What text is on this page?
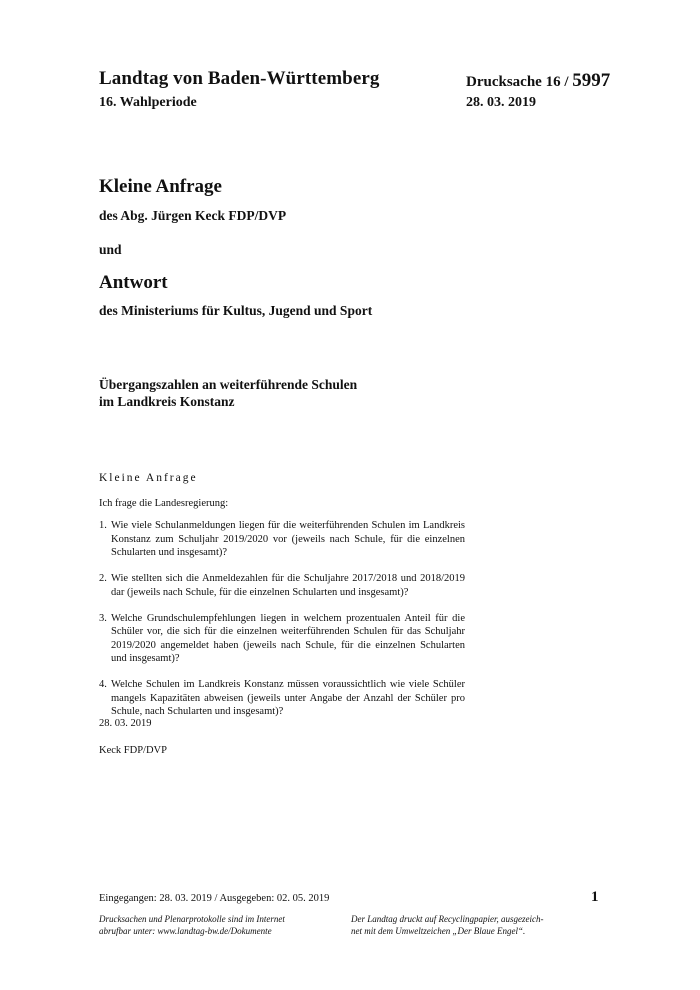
Landtag von Baden-Württemberg	Drucksache 16 / 5997
16. Wahlperiode	28. 03. 2019
Kleine Anfrage
des Abg. Jürgen Keck FDP/DVP
und
Antwort
des Ministeriums für Kultus, Jugend und Sport
Übergangszahlen an weiterführende Schulen
im Landkreis Konstanz
Kleine Anfrage
Ich frage die Landesregierung:
1. Wie viele Schulanmeldungen liegen für die weiterführenden Schulen im Landkreis Konstanz zum Schuljahr 2019/2020 vor (jeweils nach Schule, für die einzelnen Schularten und insgesamt)?
2. Wie stellten sich die Anmeldezahlen für die Schuljahre 2017/2018 und 2018/2019 dar (jeweils nach Schule, für die einzelnen Schularten und insgesamt)?
3. Welche Grundschulempfehlungen liegen in welchem prozentualen Anteil für die Schüler vor, die sich für die einzelnen weiterführenden Schulen für das Schuljahr 2019/2020 angemeldet haben (jeweils nach Schule, für die einzelnen Schularten und insgesamt)?
4. Welche Schulen im Landkreis Konstanz müssen voraussichtlich wie viele Schüler mangels Kapazitäten abweisen (jeweils unter Angabe der Anzahl der Schüler pro Schule, nach Schularten und insgesamt)?
28. 03. 2019
Keck FDP/DVP
Eingegangen: 28. 03. 2019 / Ausgegeben: 02. 05. 2019	1
Drucksachen und Plenarprotokolle sind im Internet
abrufbar unter: www.landtag-bw.de/Dokumente
Der Landtag druckt auf Recyclingpapier, ausgezeich-
net mit dem Umweltzeichen „Der Blaue Engel“.
